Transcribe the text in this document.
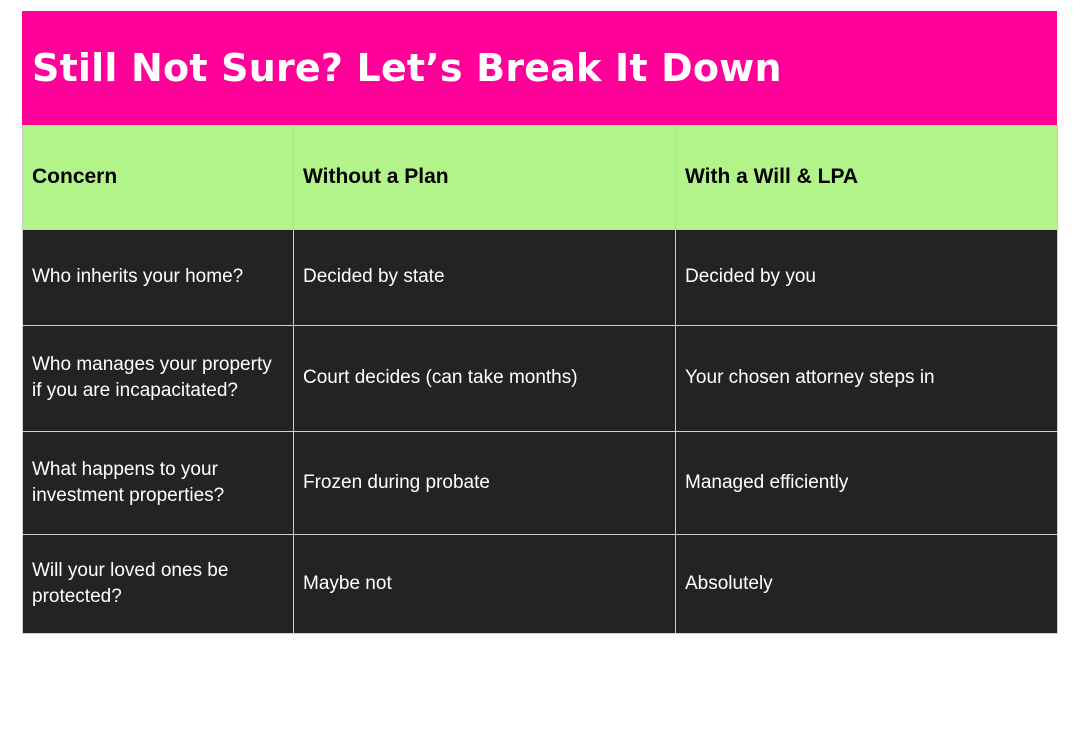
Still Not Sure? Let’s Break It Down
Concern	Without a Plan	With a Will & LPA
Who inherits your home?	Decided by state	Decided by you
Who manages your property if you are incapacitated?	Court decides (can take months)	Your chosen attorney steps in
What happens to your investment properties?	Frozen during probate	Managed efficiently
Will your loved ones be protected?	Maybe not	Absolutely
